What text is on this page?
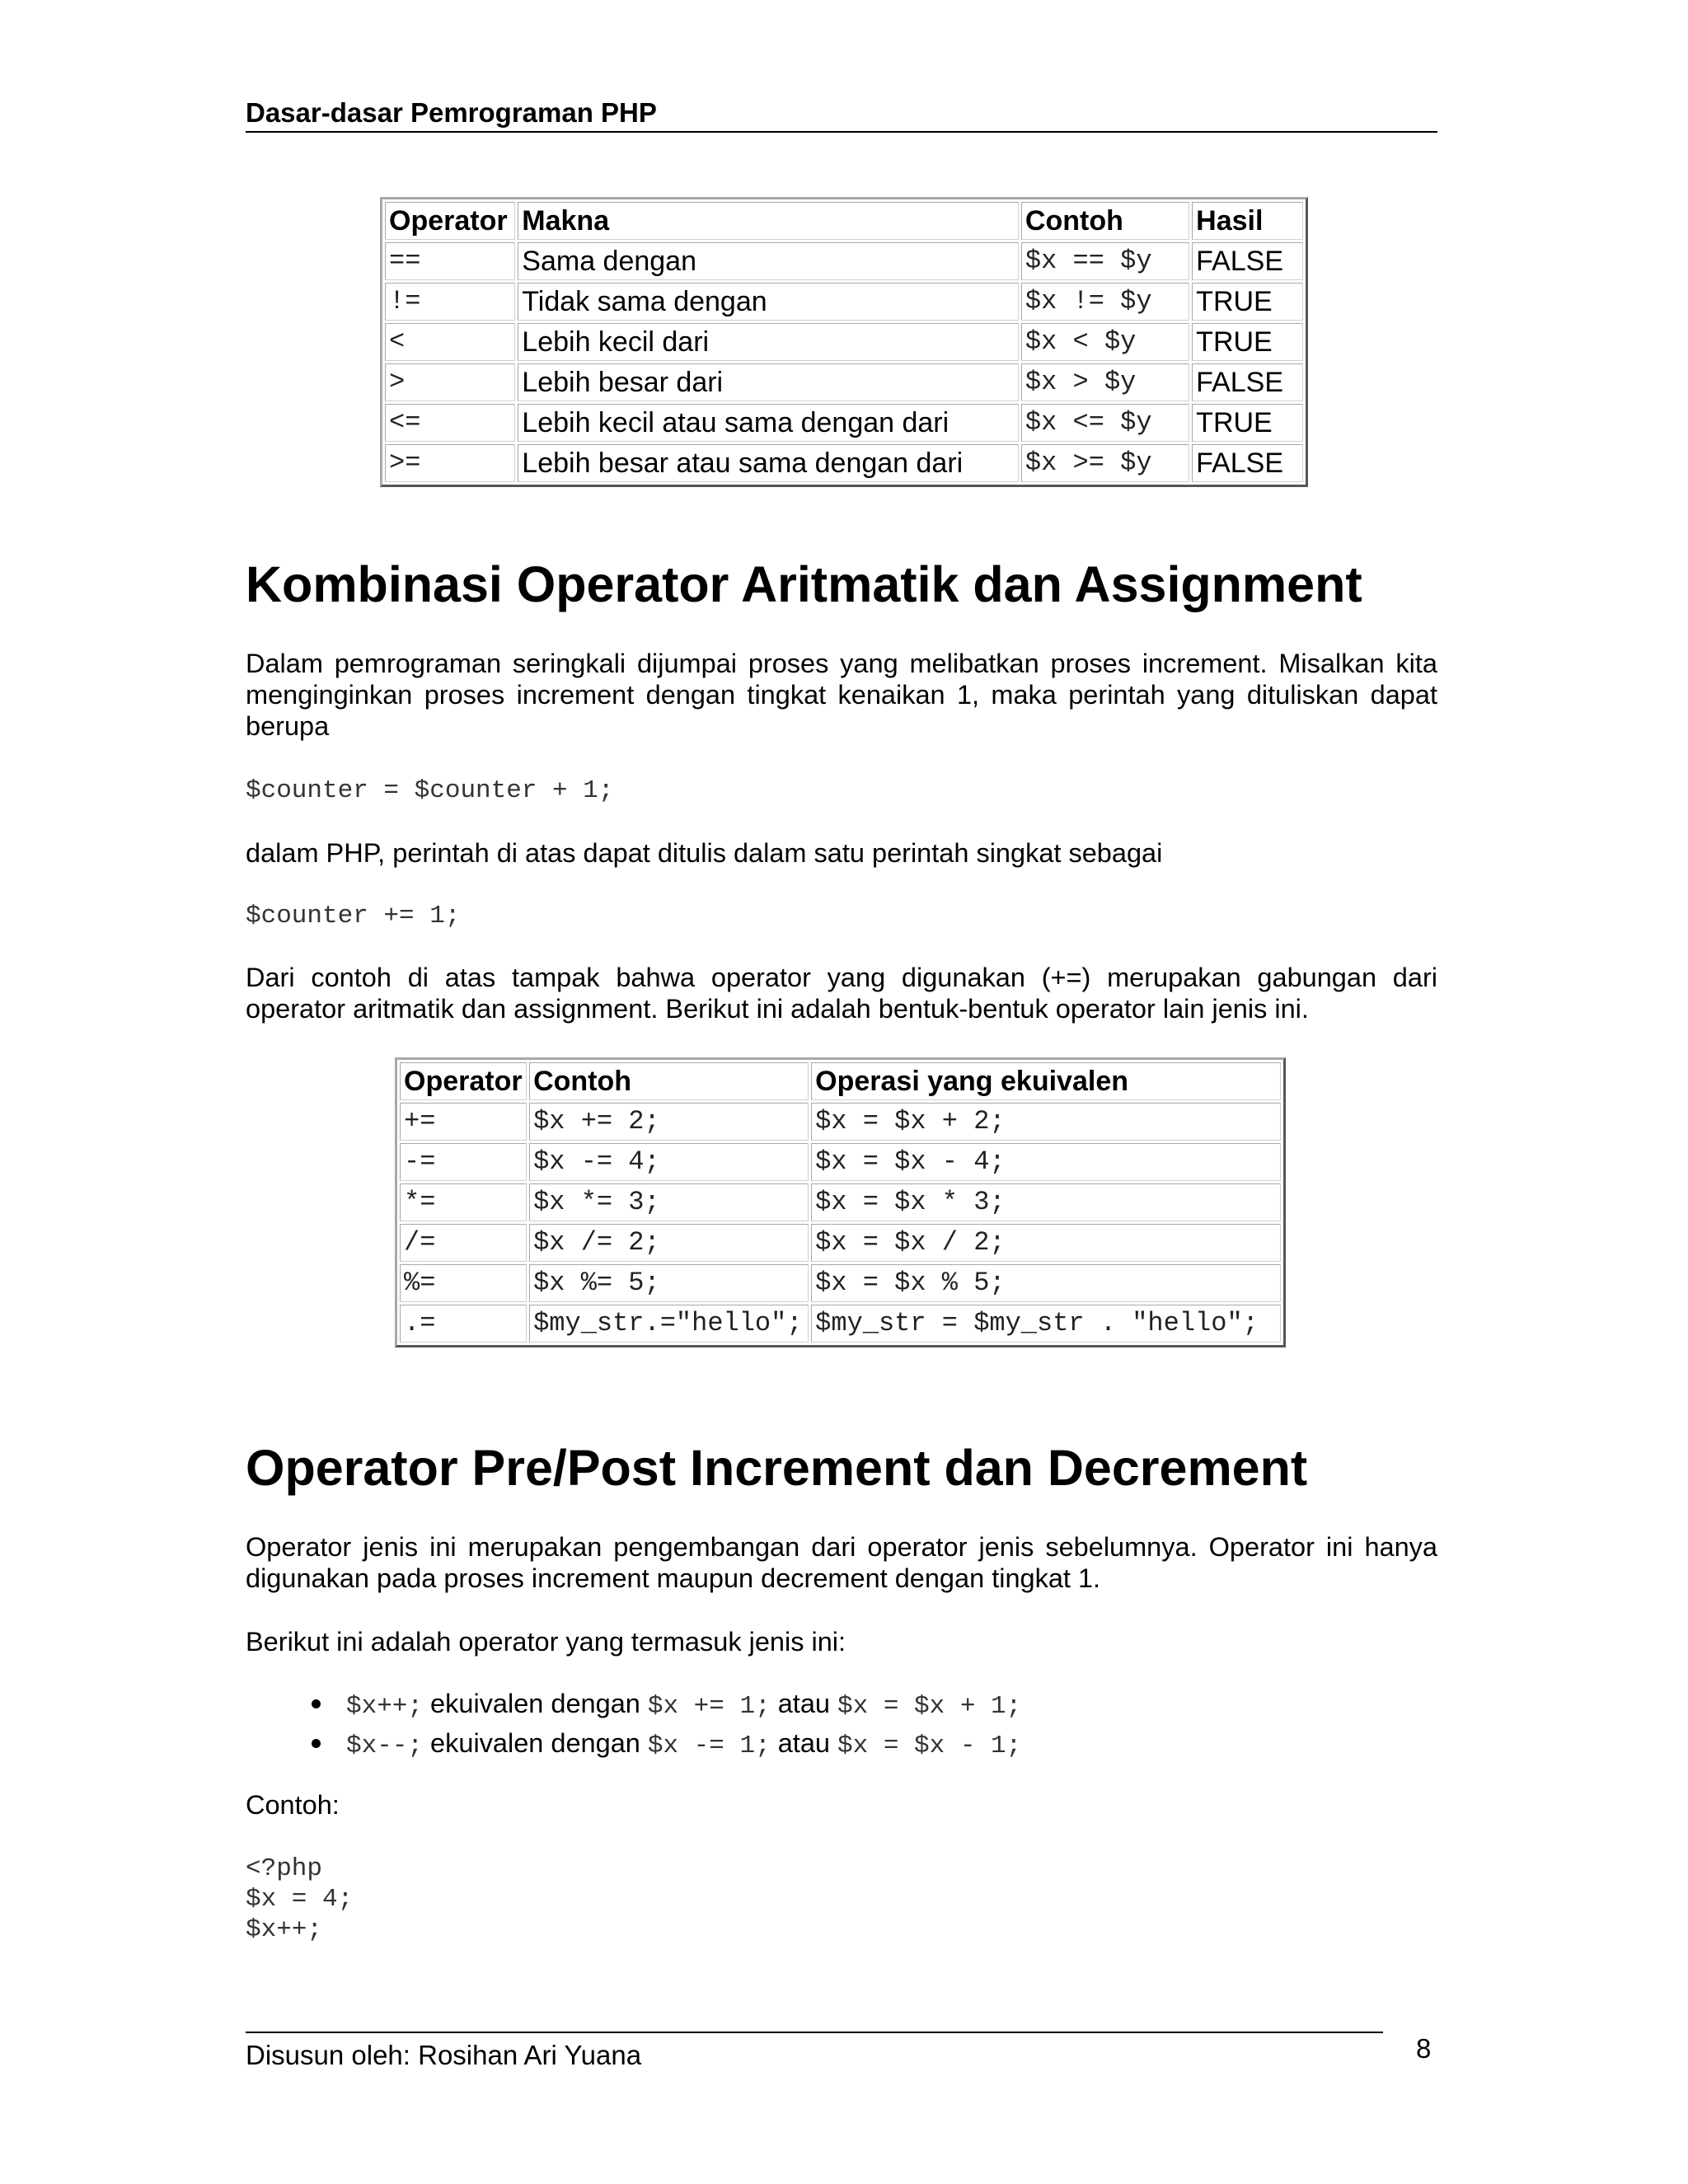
Dasar-dasar Pemrograman PHP
Operator	Makna	Contoh	Hasil
==	Sama dengan	$x == $y	FALSE
!=	Tidak sama dengan	$x != $y	TRUE
<	Lebih kecil dari	$x < $y	TRUE
>	Lebih besar dari	$x > $y	FALSE
<=	Lebih kecil atau sama dengan dari	$x <= $y	TRUE
>=	Lebih besar atau sama dengan dari	$x >= $y	FALSE
Kombinasi Operator Aritmatik dan Assignment
Dalam pemrograman seringkali dijumpai proses yang melibatkan proses increment. Misalkan kita menginginkan proses increment dengan tingkat kenaikan 1, maka perintah yang dituliskan dapat berupa
$counter = $counter + 1;
dalam PHP, perintah di atas dapat ditulis dalam satu perintah singkat sebagai
$counter += 1;
Dari contoh di atas tampak bahwa operator yang digunakan (+=) merupakan gabungan dari operator aritmatik dan assignment. Berikut ini adalah bentuk-bentuk operator lain jenis ini.
Operator	Contoh	Operasi yang ekuivalen
+=	$x += 2;	$x = $x + 2;
-=	$x -= 4;	$x = $x - 4;
*=	$x *= 3;	$x = $x * 3;
/=	$x /= 2;	$x = $x / 2;
%=	$x %= 5;	$x = $x % 5;
.=	$my_str.="hello";	$my_str = $my_str . "hello";
Operator Pre/Post Increment dan Decrement
Operator jenis ini merupakan pengembangan dari operator jenis sebelumnya. Operator ini hanya digunakan pada proses increment maupun decrement dengan tingkat 1.
Berikut ini adalah operator yang termasuk jenis ini:
$x++; ekuivalen dengan $x += 1; atau $x = $x + 1;
$x--; ekuivalen dengan $x -= 1; atau $x = $x - 1;
Contoh:
<?php
$x = 4;
$x++;
Disusun oleh: Rosihan Ari Yuana	8
